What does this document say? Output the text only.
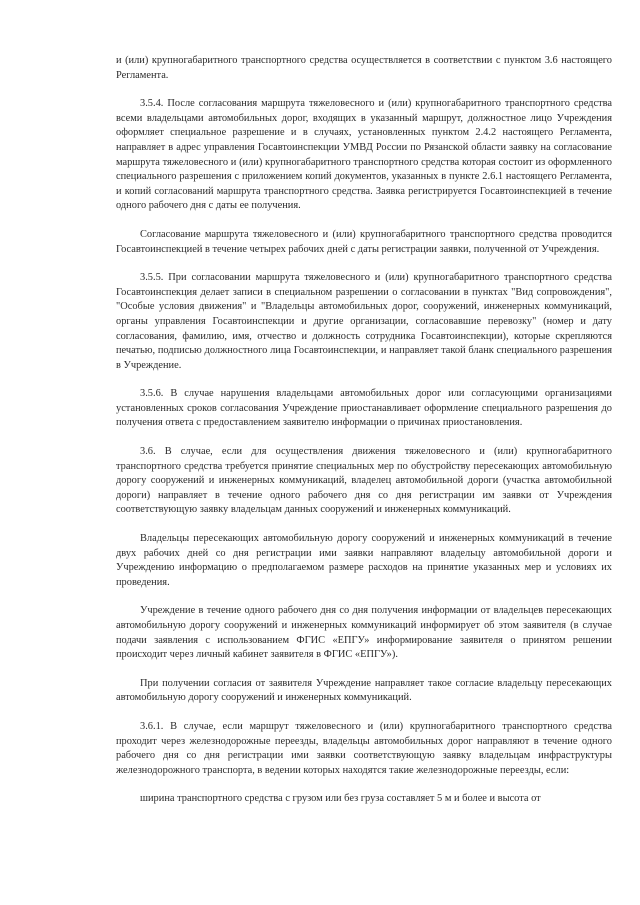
и (или) крупногабаритного транспортного средства осуществляется в соответствии с пунктом 3.6 настоящего Регламента.

3.5.4. После согласования маршрута тяжеловесного и (или) крупногабаритного транспортного средства всеми владельцами автомобильных дорог, входящих в указанный маршрут, должностное лицо Учреждения оформляет специальное разрешение и в случаях, установленных пунктом 2.4.2 настоящего Регламента, направляет в адрес управления Госавтоинспекции УМВД России по Рязанской области заявку на согласование маршрута тяжеловесного и (или) крупногабаритного транспортного средства которая состоит из оформленного специального разрешения с приложением копий документов, указанных в пункте 2.6.1 настоящего Регламента, и копий согласований маршрута транспортного средства. Заявка регистрируется Госавтоинспекцией в течение одного рабочего дня с даты ее получения.

Согласование маршрута тяжеловесного и (или) крупногабаритного транспортного средства проводится Госавтоинспекцией в течение четырех рабочих дней с даты регистрации заявки, полученной от Учреждения.

3.5.5. При согласовании маршрута тяжеловесного и (или) крупногабаритного транспортного средства Госавтоинспекция делает записи в специальном разрешении о согласовании в пунктах "Вид сопровождения", "Особые условия движения" и "Владельцы автомобильных дорог, сооружений, инженерных коммуникаций, органы управления Госавтоинспекции и другие организации, согласовавшие перевозку" (номер и дату согласования, фамилию, имя, отчество и должность сотрудника Госавтоинспекции), которые скрепляются печатью, подписью должностного лица Госавтоинспекции, и направляет такой бланк специального разрешения в Учреждение.

3.5.6. В случае нарушения владельцами автомобильных дорог или согласующими организациями установленных сроков согласования Учреждение приостанавливает оформление специального разрешения до получения ответа с предоставлением заявителю информации о причинах приостановления.

3.6. В случае, если для осуществления движения тяжеловесного и (или) крупногабаритного транспортного средства требуется принятие специальных мер по обустройству пересекающих автомобильную дорогу сооружений и инженерных коммуникаций, владелец автомобильной дороги (участка автомобильной дороги) направляет в течение одного рабочего дня со дня регистрации им заявки от Учреждения соответствующую заявку владельцам данных сооружений и инженерных коммуникаций.

Владельцы пересекающих автомобильную дорогу сооружений и инженерных коммуникаций в течение двух рабочих дней со дня регистрации ими заявки направляют владельцу автомобильной дороги и Учреждению информацию о предполагаемом размере расходов на принятие указанных мер и условиях их проведения.

Учреждение в течение одного рабочего дня со дня получения информации от владельцев пересекающих автомобильную дорогу сооружений и инженерных коммуникаций информирует об этом заявителя (в случае подачи заявления с использованием ФГИС «ЕПГУ» информирование заявителя о принятом решении происходит через личный кабинет заявителя в ФГИС «ЕПГУ»).

При получении согласия от заявителя Учреждение направляет такое согласие владельцу пересекающих автомобильную дорогу сооружений и инженерных коммуникаций.

3.6.1. В случае, если маршрут тяжеловесного и (или) крупногабаритного транспортного средства проходит через железнодорожные переезды, владельцы автомобильных дорог направляют в течение одного рабочего дня со дня регистрации ими заявки соответствующую заявку владельцам инфраструктуры железнодорожного транспорта, в ведении которых находятся такие железнодорожные переезды, если:

ширина транспортного средства с грузом или без груза составляет 5 м и более и высота от
